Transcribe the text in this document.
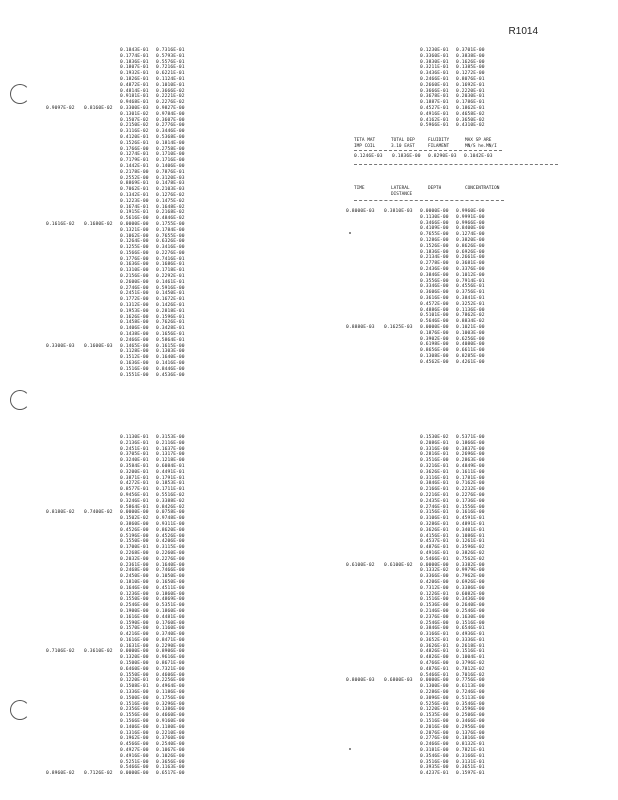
R1014
0.1843E-01 0.7316E-01
0.1774E-01 0.5793E-01
0.1836E-01 0.5576E-01
0.1807E-01 0.7216E-01
0.1932E-01 0.6221E-01
0.1826E-01 0.1124E-01
0.4872E-01 0.1010E-01
0.4814E-01 0.3666E-02
0.9181E-01 0.2221E-02
0.9468E-01 0.2276E-02
0.9097E-02 0.8160E-02 0.3300E-03 0.9827E-00
0.1301E-02 0.9784E-00
0.1507E-02 0.3607E-00
0.2150E-02 0.2776E-00
0.3116E-02 0.3446E-00
0.4120E-01 0.5368E-00
0.1526E-01 0.1814E-00
0.1766E-00 0.2758E-00
0.1274E-01 0.1710E-00
0.7179E-01 0.1716E-00
0.1442E-01 0.1406E-00
0.2178E-00 0.7876E-01
0.2552E-00 0.3120E-03
0.8869E-01 0.1478E-03
0.7062E-01 0.2103E-03
0.1342E-01 0.1276E-02
0.1223E-00 0.1475E-02
0.1674E-01 0.1648E-02
0.1915E-01 0.2168E-02
0.5616E-00 0.4846E-02
0.1616E-02 0.1680E-02 0.0000E-00 0.1755E-00
0.1321E-00 0.1784E-00
0.1062E-00 0.7655E-00
0.1264E-00 0.6326E-00
0.1255E-00 0.3416E-00
0.1566E-00 0.2276E-00
0.1776E-00 0.7416E-01
0.1636E-00 0.1686E-01
0.1310E-00 0.1718E-01
0.2156E-00 0.2292E-01
0.2600E-00 0.1461E-01
0.2746E-00 0.5916E-00
0.2451E-00 0.1450E-01
0.1772E-00 0.1672E-01
0.1312E-00 0.1426E-01
0.1953E-00 0.2818E-01
0.1626E-00 0.1596E-01
0.1458E-00 0.7626E-01
0.1406E-00 0.3428E-01
0.1438E-00 0.1656E-01
0.2466E-00 0.5864E-01
0.3300E-03 0.1600E-03 0.1465E-00 0.1615E-00
0.1128E-00 0.1303E-00
0.1512E-00 0.1640E-00
0.1636E-00 0.1416E-00
0.1516E-00 0.8446E-00
0.1551E-00 0.4536E-00
0.1230E-01 0.3701E-00
0.3360E-01 0.3838E-00
0.3830E-01 0.1626E-00
0.3211E-01 0.1385E-00
0.3436E-01 0.1272E-00
0.2466E-01 0.8076E-01
0.2660E-01 0.1692E-01
0.3666E-01 0.2220E-01
0.3678E-01 0.2030E-01
0.1887E-01 0.1786E-01
0.4527E-01 0.1862E-01
0.4916E-01 0.4658E-02
0.4162E-01 0.3650E-02
0.5966E-01 0.4310E-02
TETA MAT
IMP COIL
TOTAL DEP
3.10 EAST
FLUIDITY
FILAMENT
MAX SP ARE
MN/S he.MN/I
0.1246E-03 0.1836E-00 0.8290E-03 0.1042E-03
TIME
	LATERAL
DISTANCE
DEPTH
	CONCENTRATION

0.8000E-03 0.3810E-03 0.0000E-00 0.9960E-00
0.1130E-00 0.9991E-00
0.3466E-00 0.9966E-00
0.4109E-00 0.8400E-00
0.7655E-00 0.1274E-00
0.1286E-00 0.3820E-00
0.1526E-00 0.8626E-00
0.1836E-00 0.6926E-00
0.2134E-00 0.2661E-00
0.2778E-00 0.3681E-00
0.2436E-00 0.3376E-00
0.3846E-00 0.1012E-00
0.3556E-00 0.7914E-01
0.3346E-00 0.4556E-01
0.3606E-00 0.3756E-01
0.3616E-00 0.3841E-01
0.4572E-00 0.3252E-01
0.4886E-00 0.1136E-00
0.5101E-00 0.7862E-02
0.5646E-00 0.8834E-02
0.8880E-03 0.1625E-03 0.0000E-00 0.1021E-00
0.1876E-00 0.1003E-00
0.3902E-00 0.6256E-00
0.6198E-00 0.4080E-00
0.8656E-00 0.6611E-00
0.1308E-00 0.8285E-00
0.4562E-00 0.4261E-00
0.1130E-01 0.3153E-00
0.2136E-01 0.2116E-00
0.2451E-01 0.1637E-00
0.3705E-01 0.1317E-00
0.3240E-01 0.1218E-00
0.3584E-01 0.6084E-01
0.3200E-01 0.4491E-01
0.3871E-01 0.1791E-01
0.4272E-01 0.1853E-01
0.8577E-01 0.1711E-01
0.9456E-01 0.5516E-02
0.3246E-01 0.3388E-02
0.5864E-01 0.8426E-02
0.8180E-02 0.7400E-02 0.0000E-00 0.0758E-00
0.1502E-02 0.9748E-00
0.3860E-00 0.9311E-00
0.4526E-00 0.8620E-00
0.5196E-00 0.4526E-00
0.1550E-00 0.4206E-00
0.1700E-01 0.3115E-00
0.2268E-00 0.2260E-00
0.2032E-00 0.2276E-00
0.2361E-00 0.1640E-00
0.2468E-00 0.7466E-00
0.2450E-00 0.1050E-00
0.1810E-00 0.1650E-00
0.1646E-00 0.4511E-00
0.1236E-00 0.1860E-00
0.1550E-00 0.4869E-00
0.2546E-00 0.5351E-00
0.1900E-00 0.1860E-00
0.1616E-00 0.4481E-00
0.1590E-00 0.1760E-00
0.1570E-00 0.1160E-00
0.4216E-00 0.3740E-00
0.1616E-00 0.8471E-00
0.1631E-00 0.2290E-00
0.7106E-02 0.3610E-02 0.0000E-00 0.8906E-00
0.1320E-00 0.9616E-00
0.1500E-00 0.8671E-00
0.6460E-00 0.7321E-00
0.1550E-00 0.4606E-00
0.1220E-01 0.2256E-00
0.1508E-01 0.4964E-00
0.1336E-00 0.1186E-00
0.1500E-00 0.1756E-00
0.1516E-00 0.3296E-00
0.2356E-00 0.1386E-00
0.1556E-00 0.4660E-00
0.1566E-00 0.9160E-00
0.1406E-00 0.1180E-00
0.1316E-00 0.2210E-00
0.1962E-00 0.3760E-00
0.4566E-00 0.2540E-00
0.4927E-00 0.1067E-00
0.4916E-00 0.1026E-00
0.5251E-00 0.3656E-00
0.5466E-00 0.1163E-00
0.8960E-02 0.7126E-02 0.0000E-00 0.6517E-00
0.1530E-02 0.5371E-00
0.2086E-01 0.1866E-00
0.3316E-00 0.3837E-00
0.2816E-01 0.2696E-00
0.3516E-00 0.2863E-00
0.3216E-01 0.4849E-00
0.3626E-01 0.1611E-00
0.3116E-01 0.1781E-00
0.3846E-01 0.7162E-00
0.2166E-01 0.2232E-00
0.2216E-01 0.2276E-00
0.2435E-01 0.1736E-00
0.2746E-01 0.1556E-00
0.3156E-01 0.1616E-00
0.3106E-01 0.4591E-01
0.3286E-01 0.4891E-01
0.3626E-01 0.3401E-01
0.4156E-01 0.1086E-01
0.4537E-01 0.1261E-01
0.4876E-01 0.3596E-02
0.4916E-01 0.3826E-02
0.5466E-01 0.7562E-02
0.6100E-02 0.6100E-02 0.0000E-00 0.3382E-00
0.1332E-02 0.9979E-00
0.3366E-00 0.7962E-00
0.4206E-00 0.6926E-00
0.7312E-00 0.3386E-00
0.1226E-01 0.6082E-00
0.1516E-00 0.3436E-00
0.1536E-00 0.2640E-00
0.2146E-00 0.2546E-00
0.2376E-00 0.1630E-00
0.2546E-00 0.1516E-00
0.3846E-00 0.6546E-01
0.3166E-01 0.4936E-01
0.3652E-01 0.3336E-01
0.3626E-01 0.2618E-01
0.4826E-01 0.1516E-01
0.4826E-00 0.1004E-01
0.4766E-00 0.3796E-02
0.4876E-01 0.7812E-02
0.5466E-01 0.7016E-02
0.8000E-03 0.6800E-03 0.0000E-00 0.7756E-00
0.1300E-00 0.6113E-00
0.2286E-00 0.7246E-00
0.3096E-00 0.5113E-00
0.5256E-00 0.3546E-00
0.1220E-01 0.3596E-00
0.1535E-00 0.2506E-00
0.1516E-00 0.3466E-00
0.2016E-00 0.2956E-00
0.2076E-00 0.1376E-00
0.2776E-00 0.1816E-00
0.2466E-00 0.8132E-01
0.3181E-00 0.7821E-01
0.3546E-00 0.3166E-01
0.3516E-00 0.3131E-01
0.3935E-00 0.3651E-01
0.4237E-01 0.1597E-01
